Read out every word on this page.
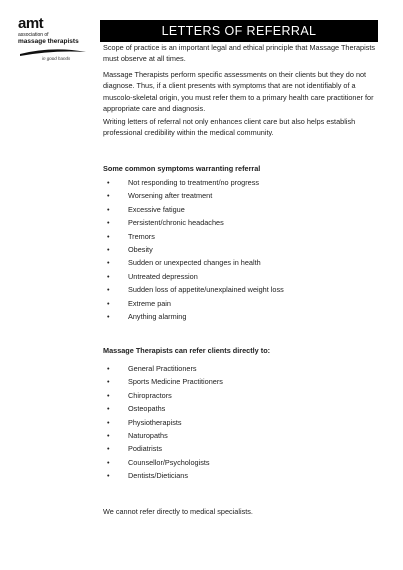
amt
association of
massage therapists
in good hands
LETTERS OF REFERRAL

Scope of practice is an important legal and ethical principle that Massage Therapists must observe at all times.

Massage Therapists perform specific assessments on their clients but they do not diagnose. Thus, if a client presents with symptoms that are not identifiably of a muscolo-skeletal origin, you must refer them to a primary health care practitioner for appropriate care and diagnosis.

Writing letters of referral not only enhances client care but also helps establish professional credibility within the medical community.

Some common symptoms warranting referral
•	Not responding to treatment/no progress
•	Worsening after treatment
•	Excessive fatigue
•	Persistent/chronic headaches
•	Tremors
•	Obesity
•	Sudden or unexpected changes in health
•	Untreated depression
•	Sudden loss of appetite/unexplained weight loss
•	Extreme pain
•	Anything alarming
Massage Therapists can refer clients directly to:
•	General Practitioners
•	Sports Medicine Practitioners
•	Chiropractors
•	Osteopaths
•	Physiotherapists
•	Naturopaths
•	Podiatrists
•	Counsellor/Psychologists
•	Dentists/Dieticians

We cannot refer directly to medical specialists.
